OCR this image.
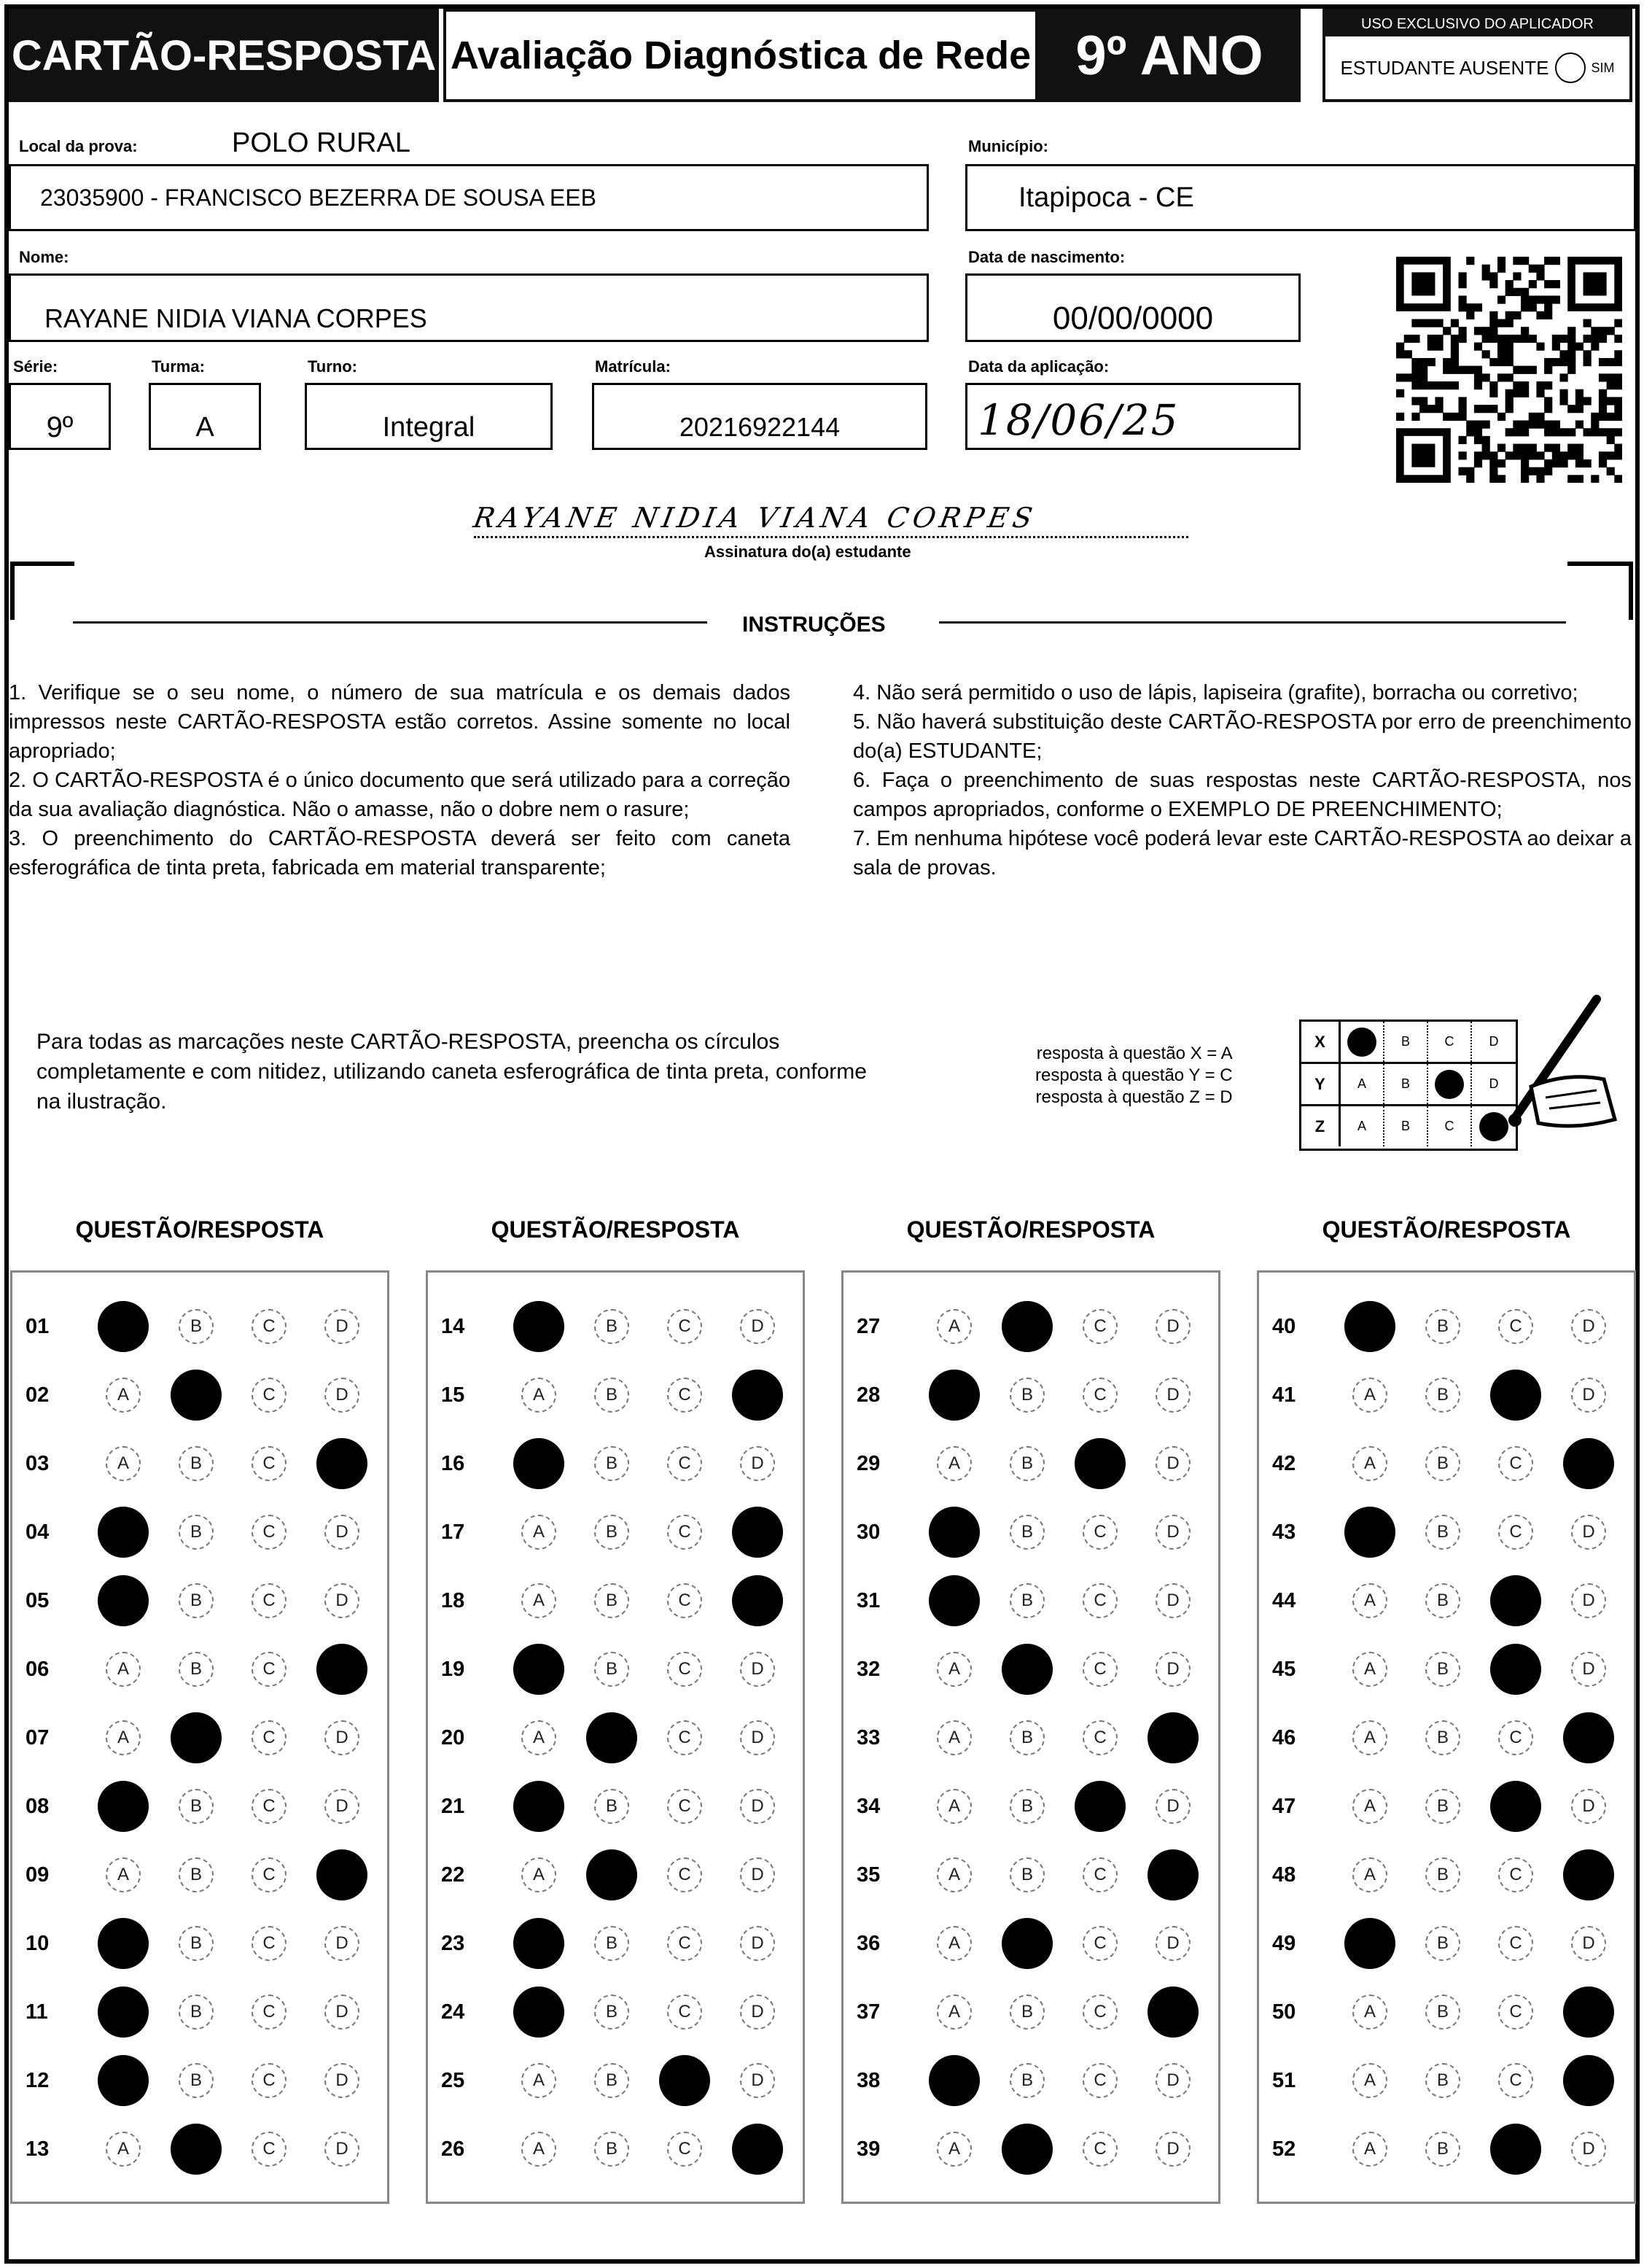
CARTÃO-RESPOSTA Avaliação Diagnóstica de Rede 9º ANO
USO EXCLUSIVO DO APLICADOR
ESTUDANTE AUSENTE	SIM
Local da prova:	POLO RURAL
23035900 - FRANCISCO BEZERRA DE SOUSA EEB
Município:
Itapipoca - CE
Nome:
RAYANE NIDIA VIANA CORPES
Data de nascimento:
00/00/0000
Série:
9º
Turma:
A
Turno:
Integral
Matrícula:
20216922144
Data da aplicação:
18/06/25
RAYANE NIDIA VIANA CORPES
Assinatura do(a) estudante
INSTRUÇÕES

1. Verifique se o seu nome, o número de sua matrícula e os demais dados impressos neste CARTÃO-RESPOSTA estão corretos. Assine somente no local apropriado;

2. O CARTÃO-RESPOSTA é o único documento que será utilizado para a correção da sua avaliação diagnóstica. Não o amasse, não o dobre nem o rasure;

3. O preenchimento do CARTÃO-RESPOSTA deverá ser feito com caneta esferográfica de tinta preta, fabricada em material transparente;

4. Não será permitido o uso de lápis, lapiseira (grafite), borracha ou corretivo;

5. Não haverá substituição deste CARTÃO-RESPOSTA por erro de preenchimento do(a) ESTUDANTE;

6. Faça o preenchimento de suas respostas neste CARTÃO-RESPOSTA, nos campos apropriados, conforme o EXEMPLO DE PREENCHIMENTO;

7. Em nenhuma hipótese você poderá levar este CARTÃO-RESPOSTA ao deixar a sala de provas.

Para todas as marcações neste CARTÃO-RESPOSTA, preencha os círculos completamente e com nitidez, utilizando caneta esferográfica de tinta preta, conforme na ilustração.
resposta à questão X = A
resposta à questão Y = C
resposta à questão Z = D
X	B	C	D
Y	A	B	D
Z	A	B	C
QUESTÃO/RESPOSTA
01	B	C	D
02	A	C	D
03	A	B	C
04	B	C	D
05	B	C	D
06	A	B	C
07	A	C	D
08	B	C	D
09	A	B	C
10	B	C	D
11	B	C	D
12	B	C	D
13	A	C	D
QUESTÃO/RESPOSTA
14	B	C	D
15	A	B	C
16	B	C	D
17	A	B	C
18	A	B	C
19	B	C	D
20	A	C	D
21	B	C	D
22	A	C	D
23	B	C	D
24	B	C	D
25	A	B	D
26	A	B	C
QUESTÃO/RESPOSTA
27	A	C	D
28	B	C	D
29	A	B	D
30	B	C	D
31	B	C	D
32	A	C	D
33	A	B	C
34	A	B	D
35	A	B	C
36	A	C	D
37	A	B	C
38	B	C	D
39	A	C	D
QUESTÃO/RESPOSTA
40	B	C	D
41	A	B	D
42	A	B	C
43	B	C	D
44	A	B	D
45	A	B	D
46	A	B	C
47	A	B	D
48	A	B	C
49	B	C	D
50	A	B	C
51	A	B	C
52	A	B	D
